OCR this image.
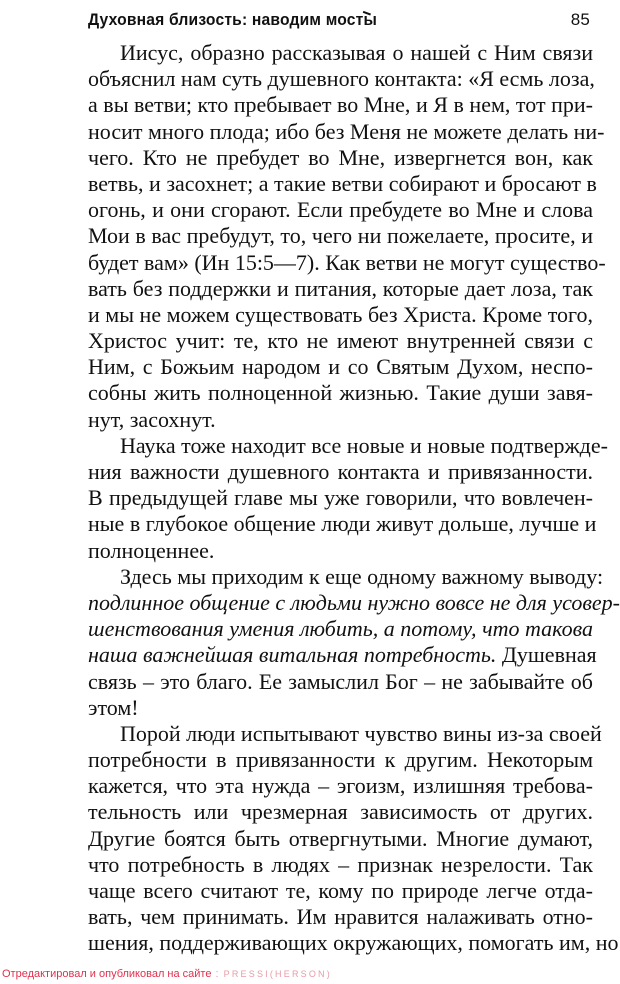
Духовная близость: наводим мосты	85
Иисус, образно рассказывая о нашей с Ним связи
объяснил нам суть душевного контакта: «Я есмь лоза,
а вы ветви; кто пребывает во Мне, и Я в нем, тот при-
носит много плода; ибо без Меня не можете делать ни-
чего. Кто не пребудет во Мне, извергнется вон, как
ветвь, и засохнет; а такие ветви собирают и бросают в
огонь, и они сгорают. Если пребудете во Мне и слова
Мои в вас пребудут, то, чего ни пожелаете, просите, и
будет вам» (Ин 15:5—7). Как ветви не могут существо-
вать без поддержки и питания, которые дает лоза, так
и мы не можем существовать без Христа. Кроме того,
Христос учит: те, кто не имеют внутренней связи с
Ним, с Божьим народом и со Святым Духом, неспо-
собны жить полноценной жизнью. Такие души завя-
нут, засохнут.
Наука тоже находит все новые и новые подтвержде-
ния важности душевного контакта и привязанности.
В предыдущей главе мы уже говорили, что вовлечен-
ные в глубокое общение люди живут дольше, лучше и
полноценнее.
Здесь мы приходим к еще одному важному выводу:
подлинное общение с людьми нужно вовсе не для усовер-
шенствования умения любить, а потому, что такова
наша важнейшая витальная потребность. Душевная
связь – это благо. Ее замыслил Бог – не забывайте об
этом!
Порой люди испытывают чувство вины из-за своей
потребности в привязанности к другим. Некоторым
кажется, что эта нужда – эгоизм, излишняя требова-
тельность или чрезмерная зависимость от других.
Другие боятся быть отвергнутыми. Многие думают,
что потребность в людях – признак незрелости. Так
чаще всего считают те, кому по природе легче отда-
вать, чем принимать. Им нравится налаживать отно-
шения, поддерживающих окружающих, помогать им, но
Отредактировал и опубликовал на сайте : PRESSI(HERSON)
